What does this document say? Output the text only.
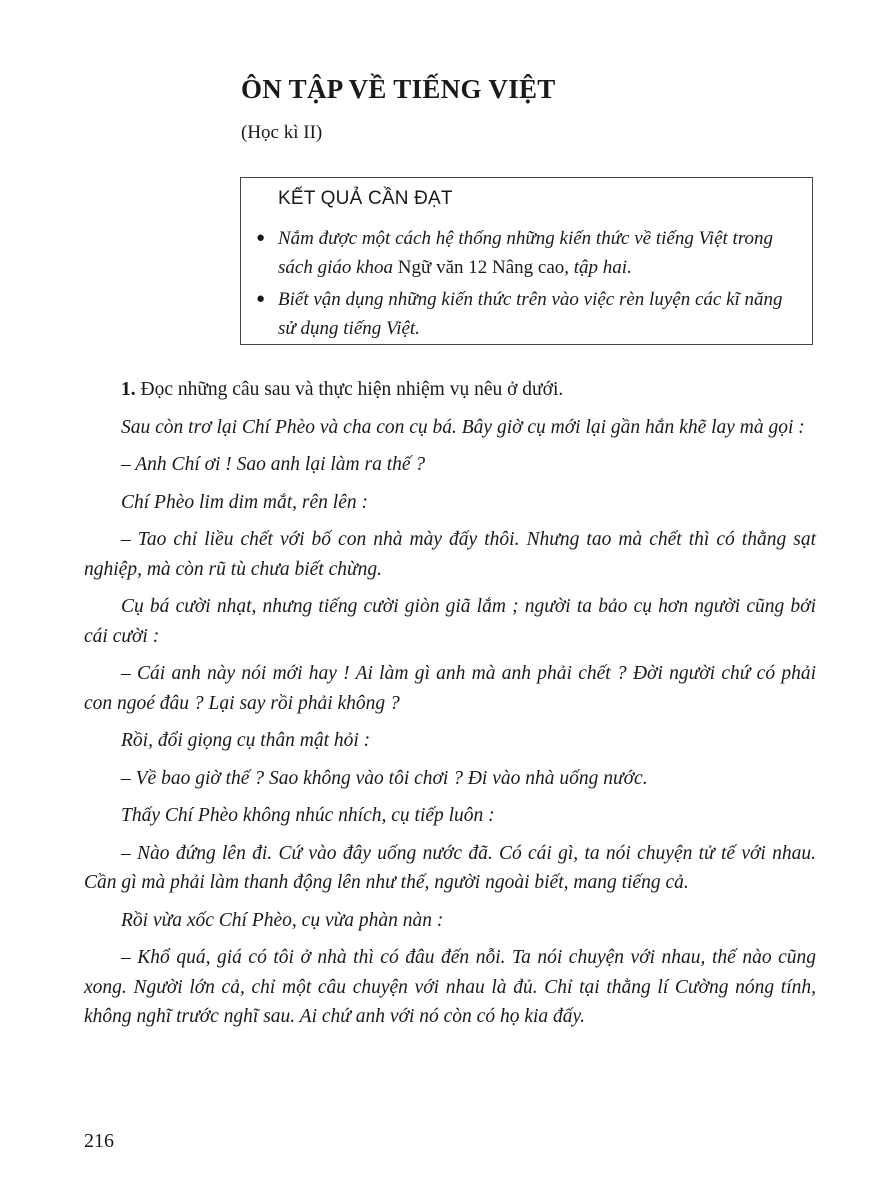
ÔN TẬP VỀ TIẾNG VIỆT
(Học kì II)
KẾT QUẢ CẦN ĐẠT
● Nắm được một cách hệ thống những kiến thức về tiếng Việt trong sách giáo khoa Ngữ văn 12 Nâng cao, tập hai.
● Biết vận dụng những kiến thức trên vào việc rèn luyện các kĩ năng sử dụng tiếng Việt.

1. Đọc những câu sau và thực hiện nhiệm vụ nêu ở dưới.

Sau còn trơ lại Chí Phèo và cha con cụ bá. Bây giờ cụ mới lại gần hắn khẽ lay mà gọi :

– Anh Chí ơi ! Sao anh lại làm ra thế ?

Chí Phèo lim dim mắt, rên lên :

– Tao chỉ liều chết với bố con nhà mày đấy thôi. Nhưng tao mà chết thì có thằng sạt nghiệp, mà còn rũ tù chưa biết chừng.

Cụ bá cười nhạt, nhưng tiếng cười giòn giã lắm ; người ta bảo cụ hơn người cũng bởi cái cười :

– Cái anh này nói mới hay ! Ai làm gì anh mà anh phải chết ? Đời người chứ có phải con ngoé đâu ? Lại say rồi phải không ?

Rồi, đổi giọng cụ thân mật hỏi :

– Về bao giờ thế ? Sao không vào tôi chơi ? Đi vào nhà uống nước.

Thấy Chí Phèo không nhúc nhích, cụ tiếp luôn :

– Nào đứng lên đi. Cứ vào đây uống nước đã. Có cái gì, ta nói chuyện tử tế với nhau. Cần gì mà phải làm thanh động lên như thế, người ngoài biết, mang tiếng cả.

Rồi vừa xốc Chí Phèo, cụ vừa phàn nàn :

– Khổ quá, giá có tôi ở nhà thì có đâu đến nỗi. Ta nói chuyện với nhau, thế nào cũng xong. Người lớn cả, chỉ một câu chuyện với nhau là đủ. Chỉ tại thằng lí Cường nóng tính, không nghĩ trước nghĩ sau. Ai chứ anh với nó còn có họ kia đấy.

216
